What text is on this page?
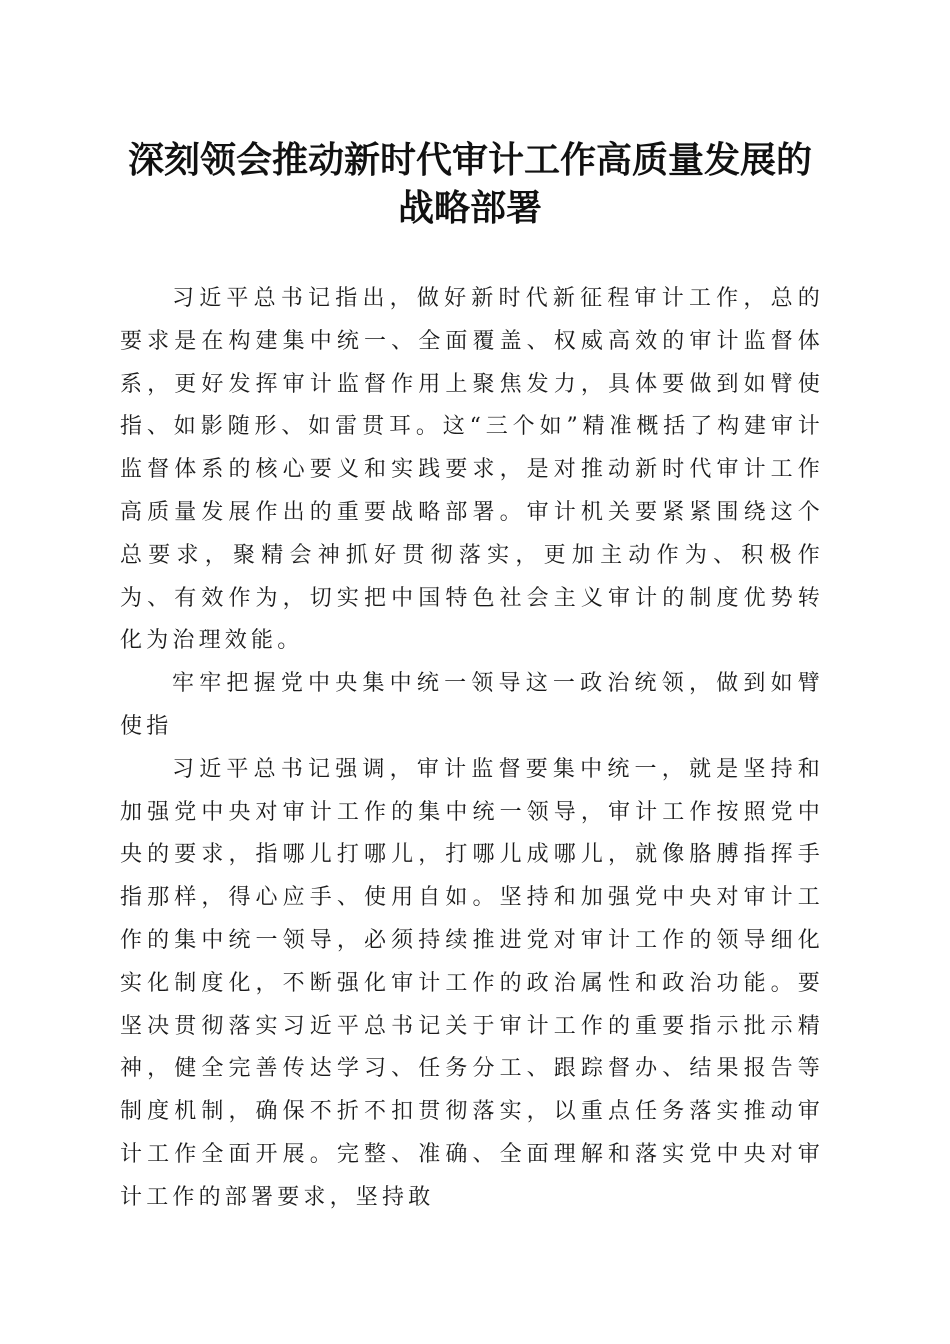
深刻领会推动新时代审计工作高质量发展的战略部署

习近平总书记指出，做好新时代新征程审计工作，总的要求是在构建集中统一、全面覆盖、权威高效的审计监督体系，更好发挥审计监督作用上聚焦发力，具体要做到如臂使指、如影随形、如雷贯耳。这“三个如”精准概括了构建审计监督体系的核心要义和实践要求，是对推动新时代审计工作高质量发展作出的重要战略部署。审计机关要紧紧围绕这个总要求，聚精会神抓好贯彻落实，更加主动作为、积极作为、有效作为，切实把中国特色社会主义审计的制度优势转化为治理效能。

牢牢把握党中央集中统一领导这一政治统领，做到如臂使指

习近平总书记强调，审计监督要集中统一，就是坚持和加强党中央对审计工作的集中统一领导，审计工作按照党中央的要求，指哪儿打哪儿，打哪儿成哪儿，就像胳膊指挥手指那样，得心应手、使用自如。坚持和加强党中央对审计工作的集中统一领导，必须持续推进党对审计工作的领导细化实化制度化，不断强化审计工作的政治属性和政治功能。要坚决贯彻落实习近平总书记关于审计工作的重要指示批示精神，健全完善传达学习、任务分工、跟踪督办、结果报告等制度机制，确保不折不扣贯彻落实，以重点任务落实推动审计工作全面开展。完整、准确、全面理解和落实党中央对审计工作的部署要求，坚持敢
